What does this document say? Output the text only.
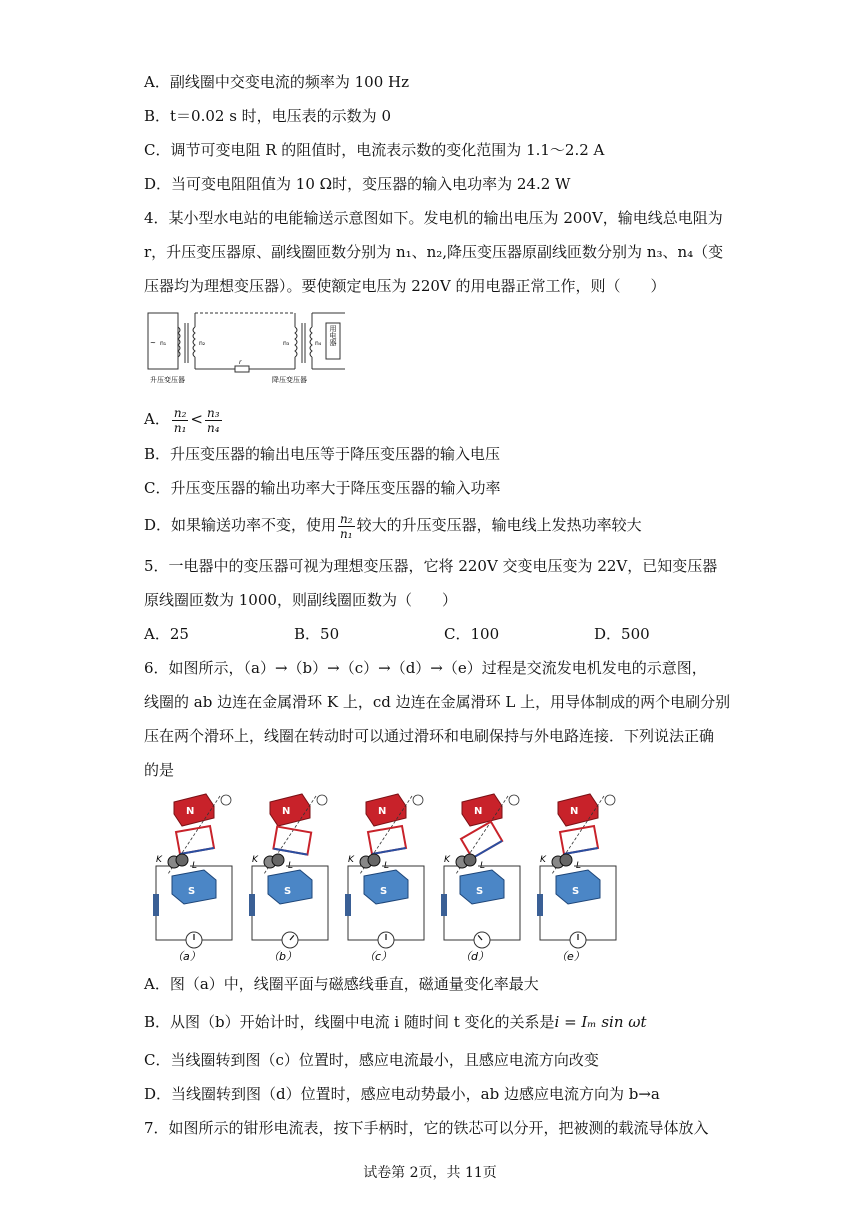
A．副线圈中交变电流的频率为 100 Hz
B．t＝0.02 s 时，电压表的示数为 0
C．调节可变电阻 R 的阻值时，电流表示数的变化范围为 1.1～2.2 A
D．当可变电阻阻值为 10 Ω时，变压器的输入电功率为 24.2 W
4．某小型水电站的电能输送示意图如下。发电机的输出电压为 200V，输电线总电阻为
r，升压变压器原、副线圈匝数分别为 n₁、n₂,降压变压器原副线匝数分别为 n₃、n₄（变
压器均为理想变压器）。要使额定电压为 220V 的用电器正常工作，则（　　）
~ n₁	n₂	n₃	n₄
r
用电器
升压变压器	降压变压器
A． $\frac{\text{n₂}}{\text{n₁}} < \frac{\text{n₃}}{\text{n₄}}$
B．升压变压器的输出电压等于降压变压器的输入电压
C．升压变压器的输出功率大于降压变压器的输入功率
D．如果输送功率不变，使用 $\frac{\text{n₂}}{\text{n₁}}$ 较大的升压变压器，输电线上发热功率较大
5．一电器中的变压器可视为理想变压器，它将 220V 交变电压变为 22V，已知变压器
原线圈匝数为 1000，则副线圈匝数为（　　）
A．25	B．50	C．100	D．500
6．如图所示，（a）→（b）→（c）→（d）→（e）过程是交流发电机发电的示意图，
线圈的 ab 边连在金属滑环 K 上，cd 边连在金属滑环 L 上，用导体制成的两个电刷分别
压在两个滑环上，线圈在转动时可以通过滑环和电刷保持与外电路连接．下列说法正确
的是
N
K
L
S
（a）
N
K
L
S
（b）
N
K
L
S
（c）
N
K
L
S
（d）
N
K
L
S
（e）
A．图（a）中，线圈平面与磁感线垂直，磁通量变化率最大
B．从图（b）开始计时，线圈中电流 i 随时间 t 变化的关系是i = Iₘ sin ωt
C．当线圈转到图（c）位置时，感应电流最小，且感应电流方向改变
D．当线圈转到图（d）位置时，感应电动势最小，ab 边感应电流方向为 b→a
7．如图所示的钳形电流表，按下手柄时，它的铁芯可以分开，把被测的载流导体放入
试卷第 2页，共 11页
